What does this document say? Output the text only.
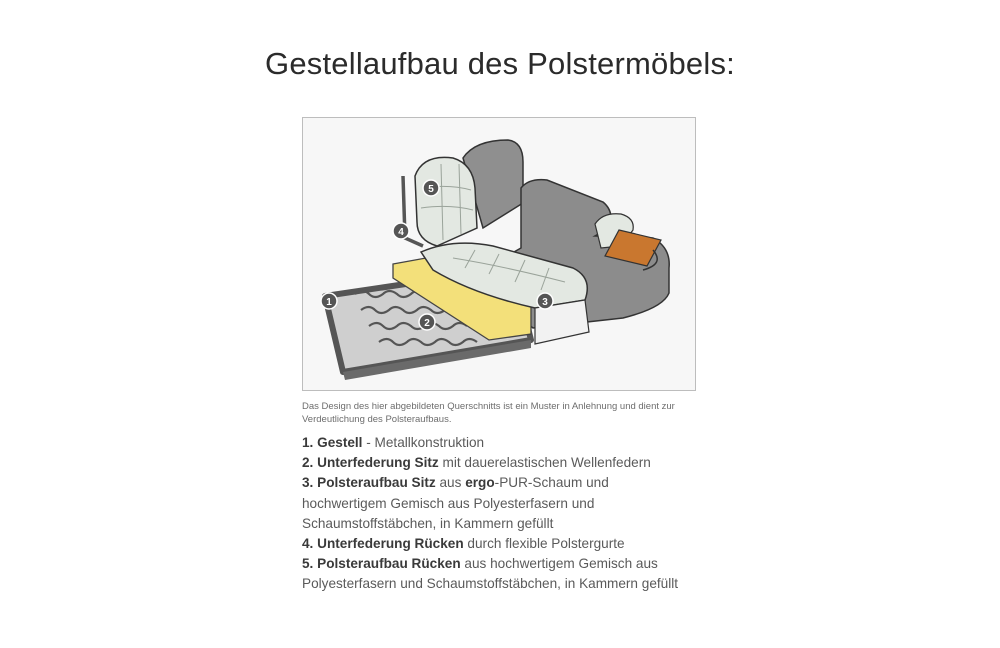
Gestellaufbau des Polstermöbels:
1
2
3
4
5
Das Design des hier abgebildeten Querschnitts ist ein Muster in Anlehnung und dient zur Verdeutlichung des Polsteraufbaus.
1. Gestell - Metallkonstruktion
2. Unterfederung Sitz mit dauerelastischen Wellenfedern
3. Polsteraufbau Sitz aus ergo-PUR-Schaum und
hochwertigem Gemisch aus Polyesterfasern und
Schaumstoffstäbchen, in Kammern gefüllt
4. Unterfederung Rücken durch flexible Polstergurte
5. Polsteraufbau Rücken aus hochwertigem Gemisch aus
Polyesterfasern und Schaumstoffstäbchen, in Kammern gefüllt
